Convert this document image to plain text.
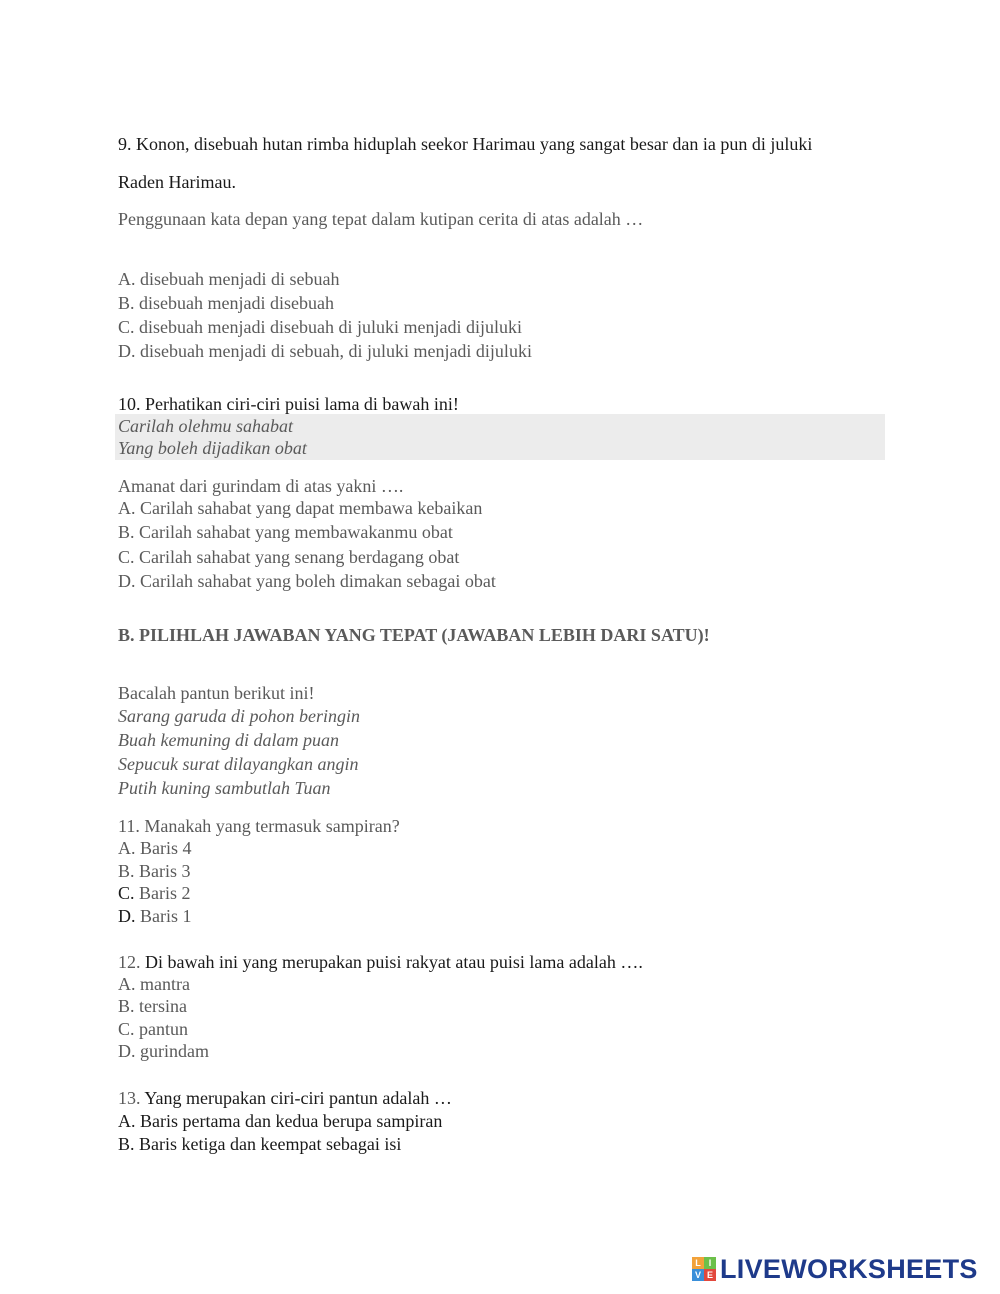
9. Konon, disebuah hutan rimba hiduplah seekor Harimau yang sangat besar dan ia pun di juluki
Raden Harimau.
Penggunaan kata depan yang tepat dalam kutipan cerita di atas adalah …
A. disebuah menjadi di sebuah
B. disebuah menjadi disebuah
C. disebuah menjadi disebuah di juluki menjadi dijuluki
D. disebuah menjadi di sebuah, di juluki menjadi dijuluki
10. Perhatikan ciri-ciri puisi lama di bawah ini!
Carilah olehmu sahabat
Yang boleh dijadikan obat
Amanat dari gurindam di atas yakni ….
A. Carilah sahabat yang dapat membawa kebaikan
B. Carilah sahabat yang membawakanmu obat
C. Carilah sahabat yang senang berdagang obat
D. Carilah sahabat yang boleh dimakan sebagai obat
B. PILIHLAH JAWABAN YANG TEPAT (JAWABAN LEBIH DARI SATU)!
Bacalah pantun berikut ini!
Sarang garuda di pohon beringin
Buah kemuning di dalam puan
Sepucuk surat dilayangkan angin
Putih kuning sambutlah Tuan
11. Manakah yang termasuk sampiran?
A. Baris 4
B. Baris 3
C. Baris 2
D. Baris 1
12. Di bawah ini yang merupakan puisi rakyat atau puisi lama adalah ….
A. mantra
B. tersina
C. pantun
D. gurindam
13. Yang merupakan ciri-ciri pantun adalah …
A. Baris pertama dan kedua berupa sampiran
B. Baris ketiga dan keempat sebagai isi
L I
V E LIVEWORKSHEETS
